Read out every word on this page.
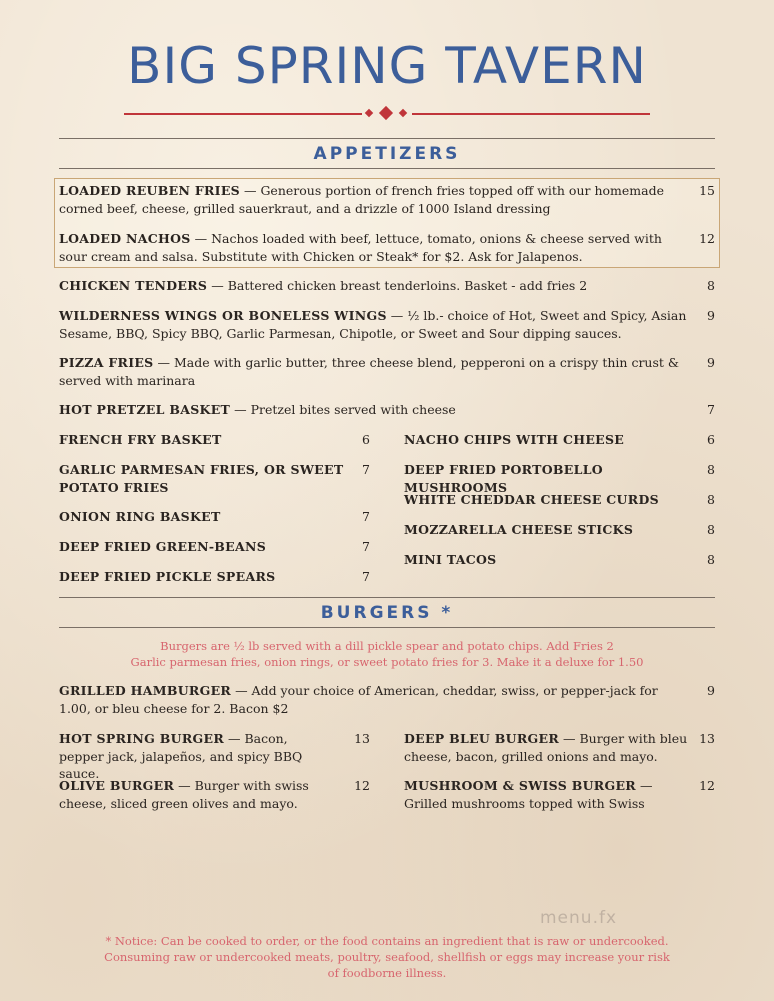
BIG SPRING TAVERN
APPETIZERS
LOADED REUBEN FRIES — Generous portion of french fries topped off with our homemade corned beef, cheese, grilled sauerkraut, and a drizzle of 1000 Island dressing
15
LOADED NACHOS — Nachos loaded with beef, lettuce, tomato, onions & cheese served with sour cream and salsa. Substitute with Chicken or Steak* for $2. Ask for Jalapenos.
12
CHICKEN TENDERS — Battered chicken breast tenderloins. Basket - add fries 2	8
WILDERNESS WINGS OR BONELESS WINGS — ½ lb.- choice of Hot, Sweet and Spicy, Asian Sesame, BBQ, Spicy BBQ, Garlic Parmesan, Chipotle, or Sweet and Sour dipping sauces.
9
PIZZA FRIES — Made with garlic butter, three cheese blend, pepperoni on a crispy thin crust & served with marinara
9
HOT PRETZEL BASKET — Pretzel bites served with cheese	7
FRENCH FRY BASKET	6
GARLIC PARMESAN FRIES, OR SWEET POTATO FRIES
7
ONION RING BASKET	7
DEEP FRIED GREEN-BEANS	7
DEEP FRIED PICKLE SPEARS	7
NACHO CHIPS WITH CHEESE	6
DEEP FRIED PORTOBELLO MUSHROOMS
8
WHITE CHEDDAR CHEESE CURDS	8
MOZZARELLA CHEESE STICKS	8
MINI TACOS	8
BURGERS *
Burgers are ½ lb served with a dill pickle spear and potato chips. Add Fries 2
Garlic parmesan fries, onion rings, or sweet potato fries for 3. Make it a deluxe for 1.50
GRILLED HAMBURGER — Add your choice of American, cheddar, swiss, or pepper-jack for 1.00, or bleu cheese for 2. Bacon $2
9
HOT SPRING BURGER — Bacon, pepper jack, jalapeños, and spicy BBQ sauce.
13	DEEP BLEU BURGER — Burger with bleu cheese, bacon, grilled onions and mayo.
13
OLIVE BURGER — Burger with swiss cheese, sliced green olives and mayo.
12	MUSHROOM & SWISS BURGER — Grilled mushrooms topped with Swiss
12
menu.fx
* Notice: Can be cooked to order, or the food contains an ingredient that is raw or undercooked.
Consuming raw or undercooked meats, poultry, seafood, shellfish or eggs may increase your risk
of foodborne illness.
